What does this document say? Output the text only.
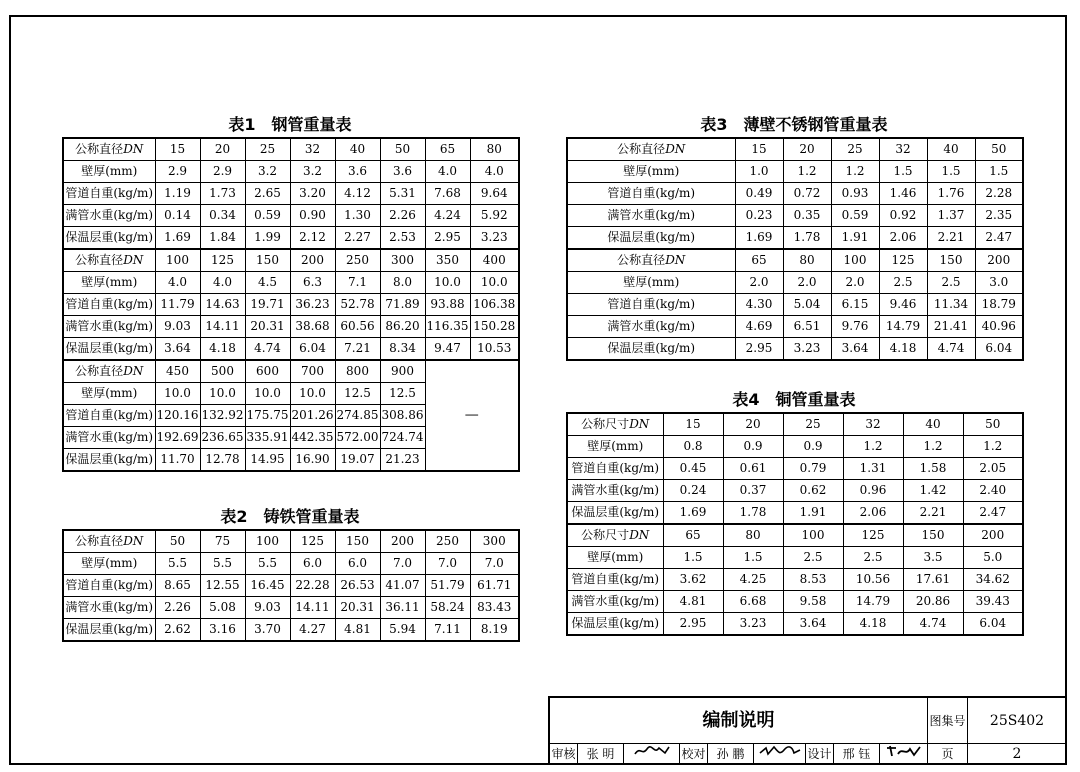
表1　钢管重量表
公称直径DN	15	20	25	32	40	50	65	80
壁厚(mm)	2.9	2.9	3.2	3.2	3.6	3.6	4.0	4.0
管道自重(kg/m)	1.19	1.73	2.65	3.20	4.12	5.31	7.68	9.64
满管水重(kg/m)	0.14	0.34	0.59	0.90	1.30	2.26	4.24	5.92
保温层重(kg/m)	1.69	1.84	1.99	2.12	2.27	2.53	2.95	3.23
公称直径DN	100	125	150	200	250	300	350	400
壁厚(mm)	4.0	4.0	4.5	6.3	7.1	8.0	10.0	10.0
管道自重(kg/m)	11.79	14.63	19.71	36.23	52.78	71.89	93.88	106.38
满管水重(kg/m)	9.03	14.11	20.31	38.68	60.56	86.20	116.35	150.28
保温层重(kg/m)	3.64	4.18	4.74	6.04	7.21	8.34	9.47	10.53
公称直径DN	450	500	600	700	800	900	—	
壁厚(mm)	10.0	10.0	10.0	10.0	12.5	12.5		
管道自重(kg/m)	120.16	132.92	175.75	201.26	274.85	308.86		
满管水重(kg/m)	192.69	236.65	335.91	442.35	572.00	724.74		
保温层重(kg/m)	11.70	12.78	14.95	16.90	19.07	21.23		
表2　铸铁管重量表
公称直径DN	50	75	100	125	150	200	250	300
壁厚(mm)	5.5	5.5	5.5	6.0	6.0	7.0	7.0	7.0
管道自重(kg/m)	8.65	12.55	16.45	22.28	26.53	41.07	51.79	61.71
满管水重(kg/m)	2.26	5.08	9.03	14.11	20.31	36.11	58.24	83.43
保温层重(kg/m)	2.62	3.16	3.70	4.27	4.81	5.94	7.11	8.19
表3　薄壁不锈钢管重量表
公称直径DN	15	20	25	32	40	50
壁厚(mm)	1.0	1.2	1.2	1.5	1.5	1.5
管道自重(kg/m)	0.49	0.72	0.93	1.46	1.76	2.28
满管水重(kg/m)	0.23	0.35	0.59	0.92	1.37	2.35
保温层重(kg/m)	1.69	1.78	1.91	2.06	2.21	2.47
公称直径DN	65	80	100	125	150	200
壁厚(mm)	2.0	2.0	2.0	2.5	2.5	3.0
管道自重(kg/m)	4.30	5.04	6.15	9.46	11.34	18.79
满管水重(kg/m)	4.69	6.51	9.76	14.79	21.41	40.96
保温层重(kg/m)	2.95	3.23	3.64	4.18	4.74	6.04
表4　铜管重量表
公称尺寸DN	15	20	25	32	40	50
壁厚(mm)	0.8	0.9	0.9	1.2	1.2	1.2
管道自重(kg/m)	0.45	0.61	0.79	1.31	1.58	2.05
满管水重(kg/m)	0.24	0.37	0.62	0.96	1.42	2.40
保温层重(kg/m)	1.69	1.78	1.91	2.06	2.21	2.47
公称尺寸DN	65	80	100	125	150	200
壁厚(mm)	1.5	1.5	2.5	2.5	3.5	5.0
管道自重(kg/m)	3.62	4.25	8.53	10.56	17.61	34.62
满管水重(kg/m)	4.81	6.68	9.58	14.79	20.86	39.43
保温层重(kg/m)	2.95	3.23	3.64	4.18	4.74	6.04
编制说明	图集号	25S402
审核 张 明	校对 孙 鹏	设计 邢 钰	页	2
